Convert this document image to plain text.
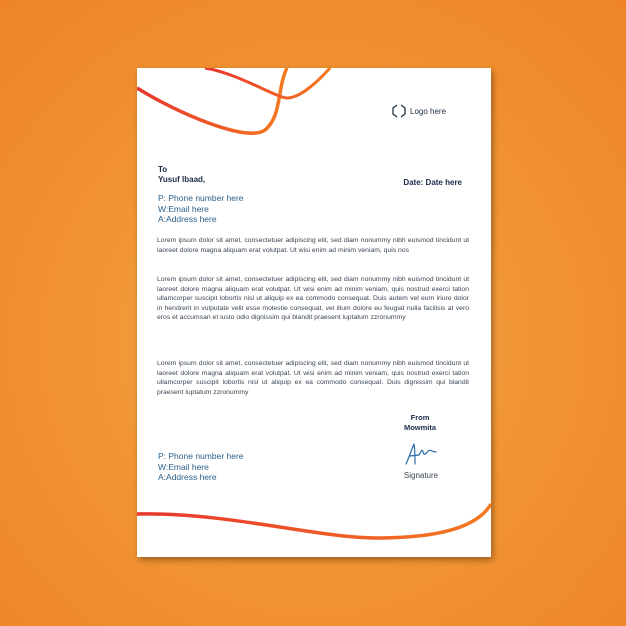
Logo here
To
Yusuf Ibaad,	Date: Date here
P: Phone number here
W:Email here
A:Address here

Lorem ipsum dolor sit amet, consectetuer adipiscing elit, sed diam nonummy nibh euismod tincidunt ut laoreet dolore magna aliquam erat volutpat. Ut wisi enim ad minim veniam, quis nos

Lorem ipsum dolor sit amet, consectetuer adipiscing elit, sed diam nonummy nibh euismod tincidunt ut laoreet dolore magna aliquam erat volutpat. Ut wisi enim ad minim veniam, quis nostrud exerci tation ullamcorper suscipit lobortis nisl ut aliquip ex ea commodo consequat. Duis autem vel eum iriure dolor in hendrerit in vulputate velit esse molestie consequat, vel illum dolore eu feugiat nulla facilisis at vero eros et accumsan et iusto odio dignissim qui blandit praesent luptatum zzronummy

Lorem ipsum dolor sit amet, consectetuer adipiscing elit, sed diam nonummy nibh euismod tincidunt ut laoreet dolore magna aliquam erat volutpat. Ut wisi enim ad minim veniam, quis nostrud exerci tation ullamcorper suscipit lobortis nisl ut aliquip ex ea commodo consequat. Duis dignissim qui blandit praesent luptatum zzronummy

From
Mowmita
Signature
P: Phone number here
W:Email here
A:Address here
